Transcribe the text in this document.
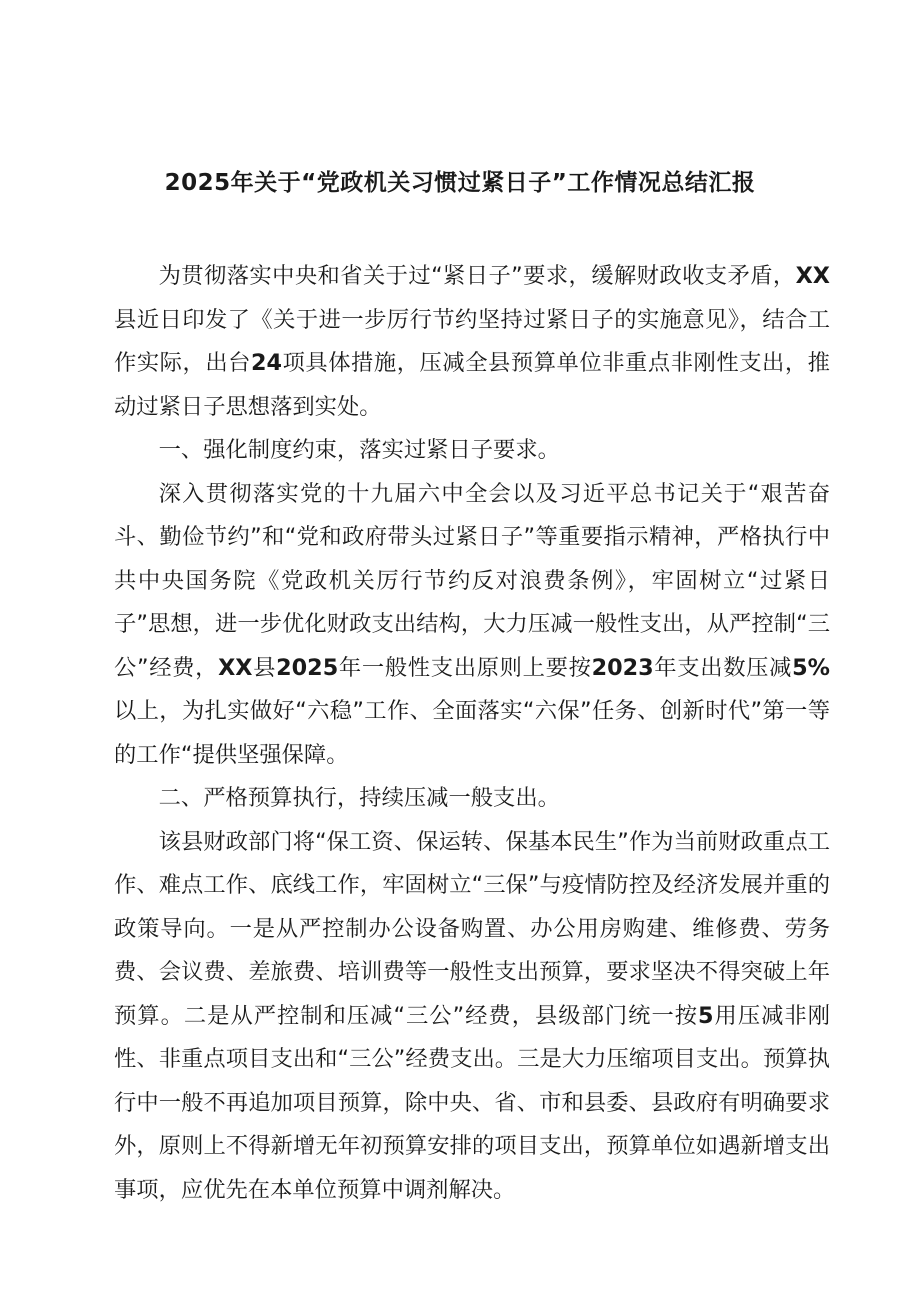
2025年关于“党政机关习惯过紧日子”工作情况总结汇报

为贯彻落实中央和省关于过“紧日子”要求，缓解财政收支矛盾，XX县近日印发了《关于进一步厉行节约坚持过紧日子的实施意见》，结合工作实际，出台24项具体措施，压减全县预算单位非重点非刚性支出，推动过紧日子思想落到实处。

一、强化制度约束，落实过紧日子要求。

深入贯彻落实党的十九届六中全会以及习近平总书记关于“艰苦奋斗、勤俭节约”和“党和政府带头过紧日子”等重要指示精神，严格执行中共中央国务院《党政机关厉行节约反对浪费条例》，牢固树立“过紧日子”思想，进一步优化财政支出结构，大力压减一般性支出，从严控制“三公”经费，XX县2025年一般性支出原则上要按2023年支出数压减5%以上，为扎实做好“六稳”工作、全面落实“六保”任务、创新时代”第一等的工作“提供坚强保障。

二、严格预算执行，持续压减一般支出。

该县财政部门将“保工资、保运转、保基本民生”作为当前财政重点工作、难点工作、底线工作，牢固树立“三保”与疫情防控及经济发展并重的政策导向。一是从严控制办公设备购置、办公用房购建、维修费、劳务费、会议费、差旅费、培训费等一般性支出预算，要求坚决不得突破上年预算。二是从严控制和压减“三公”经费，县级部门统一按5用压减非刚性、非重点项目支出和“三公”经费支出。三是大力压缩项目支出。预算执行中一般不再追加项目预算，除中央、省、市和县委、县政府有明确要求外，原则上不得新增无年初预算安排的项目支出，预算单位如遇新增支出事项，应优先在本单位预算中调剂解决。
